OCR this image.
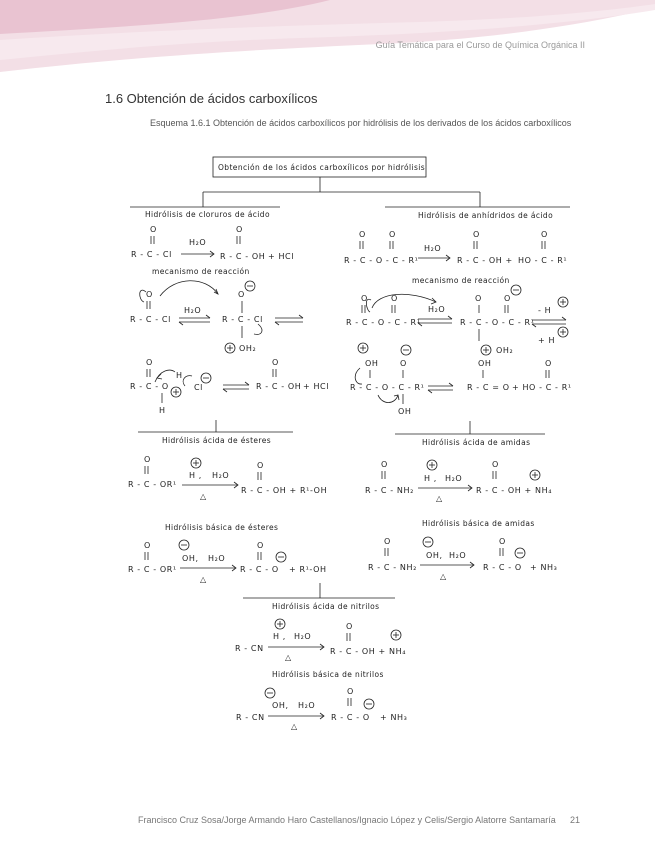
Guía Temática para el Curso de Química Orgánica II
1.6 Obtención de ácidos carboxílicos
Esquema 1.6.1 Obtención de ácidos carboxílicos por hidrólisis de los derivados de los ácidos carboxílicos
Obtención de los ácidos carboxílicos por hidrólisis
Hidrólisis de cloruros de ácido
O
R - C - Cl
H₂O
O
R - C - OH + HCl
mecanismo de reacción
O
R - C - Cl
H₂O
O
R - C - Cl
OH₂
O
R - C - O
H
H
Cl
O
R - C - OH + HCl
Hidrólisis de anhídridos de ácido
O	O
R - C - O - C - R¹
H₂O
O
R - C - OH +
O
HO - C - R¹
mecanismo de reacción
O	O
R - C - O - C - R¹
H₂O
O	O
R - C - O - C - R¹
OH₂
- H
+ H
OH	O
R - C - O - C - R¹
OH
OH
R - C = O
O
+ HO - C - R¹
Hidrólisis ácida de ésteres
O
R - C - OR¹
H , H₂O
△
O
R - C - OH + R¹-OH
Hidrólisis ácida de amidas
O
R - C - NH₂
H , H₂O
△
O
R - C - OH + NH₄
Hidrólisis básica de ésteres
O
R - C - OR¹
OH, H₂O
△
O
R - C - O + R¹-OH
Hidrólisis básica de amidas
O
R - C - NH₂
OH, H₂O
△
O
R - C - O + NH₃
Hidrólisis ácida de nitrilos
R - CN
H , H₂O
△
O
R - C - OH + NH₄
Hidrólisis básica de nitrilos
R - CN
OH, H₂O
△
O
R - C - O + NH₃
Francisco Cruz Sosa/Jorge Armando Haro Castellanos/Ignacio López y Celis/Sergio Alatorre Santamaría 21
